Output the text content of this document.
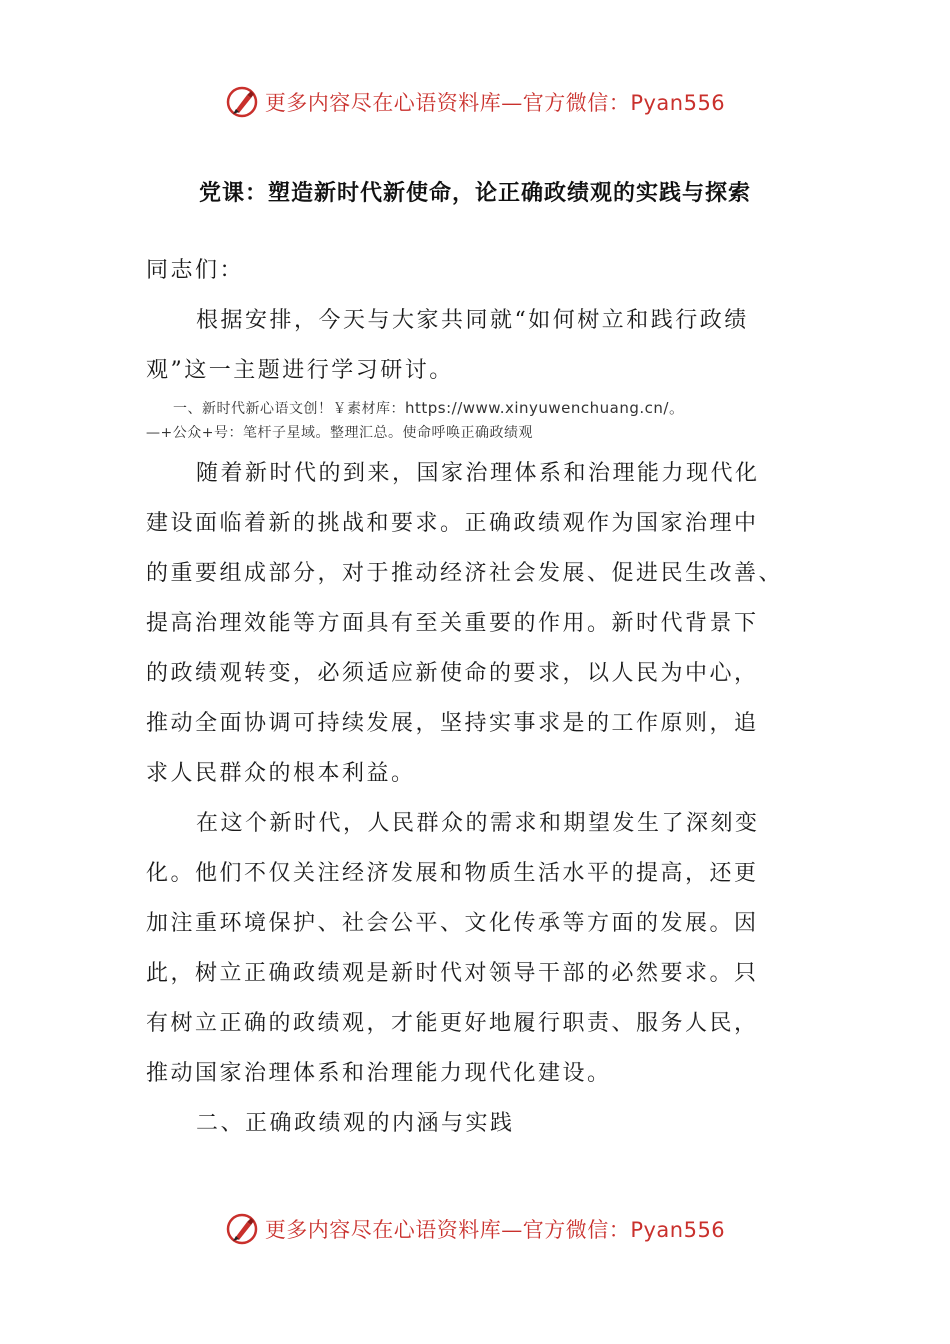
更多内容尽在心语资料库—官方微信：Pyan556
党课：塑造新时代新使命，论正确政绩观的实践与探索

同志们：

根据安排，今天与大家共同就“如何树立和践行政绩
观”这一主题进行学习研讨。

一、新时代新心语文创！￥素材库：https://www.xinyuwenchuang.cn/。

—+公众+号：笔杆子星域。整理汇总。使命呼唤正确政绩观

随着新时代的到来，国家治理体系和治理能力现代化
建设面临着新的挑战和要求。正确政绩观作为国家治理中
的重要组成部分，对于推动经济社会发展、促进民生改善、
提高治理效能等方面具有至关重要的作用。新时代背景下
的政绩观转变，必须适应新使命的要求，以人民为中心，
推动全面协调可持续发展，坚持实事求是的工作原则，追
求人民群众的根本利益。

在这个新时代，人民群众的需求和期望发生了深刻变
化。他们不仅关注经济发展和物质生活水平的提高，还更
加注重环境保护、社会公平、文化传承等方面的发展。因
此，树立正确政绩观是新时代对领导干部的必然要求。只
有树立正确的政绩观，才能更好地履行职责、服务人民，
推动国家治理体系和治理能力现代化建设。

二、正确政绩观的内涵与实践

更多内容尽在心语资料库—官方微信：Pyan556
